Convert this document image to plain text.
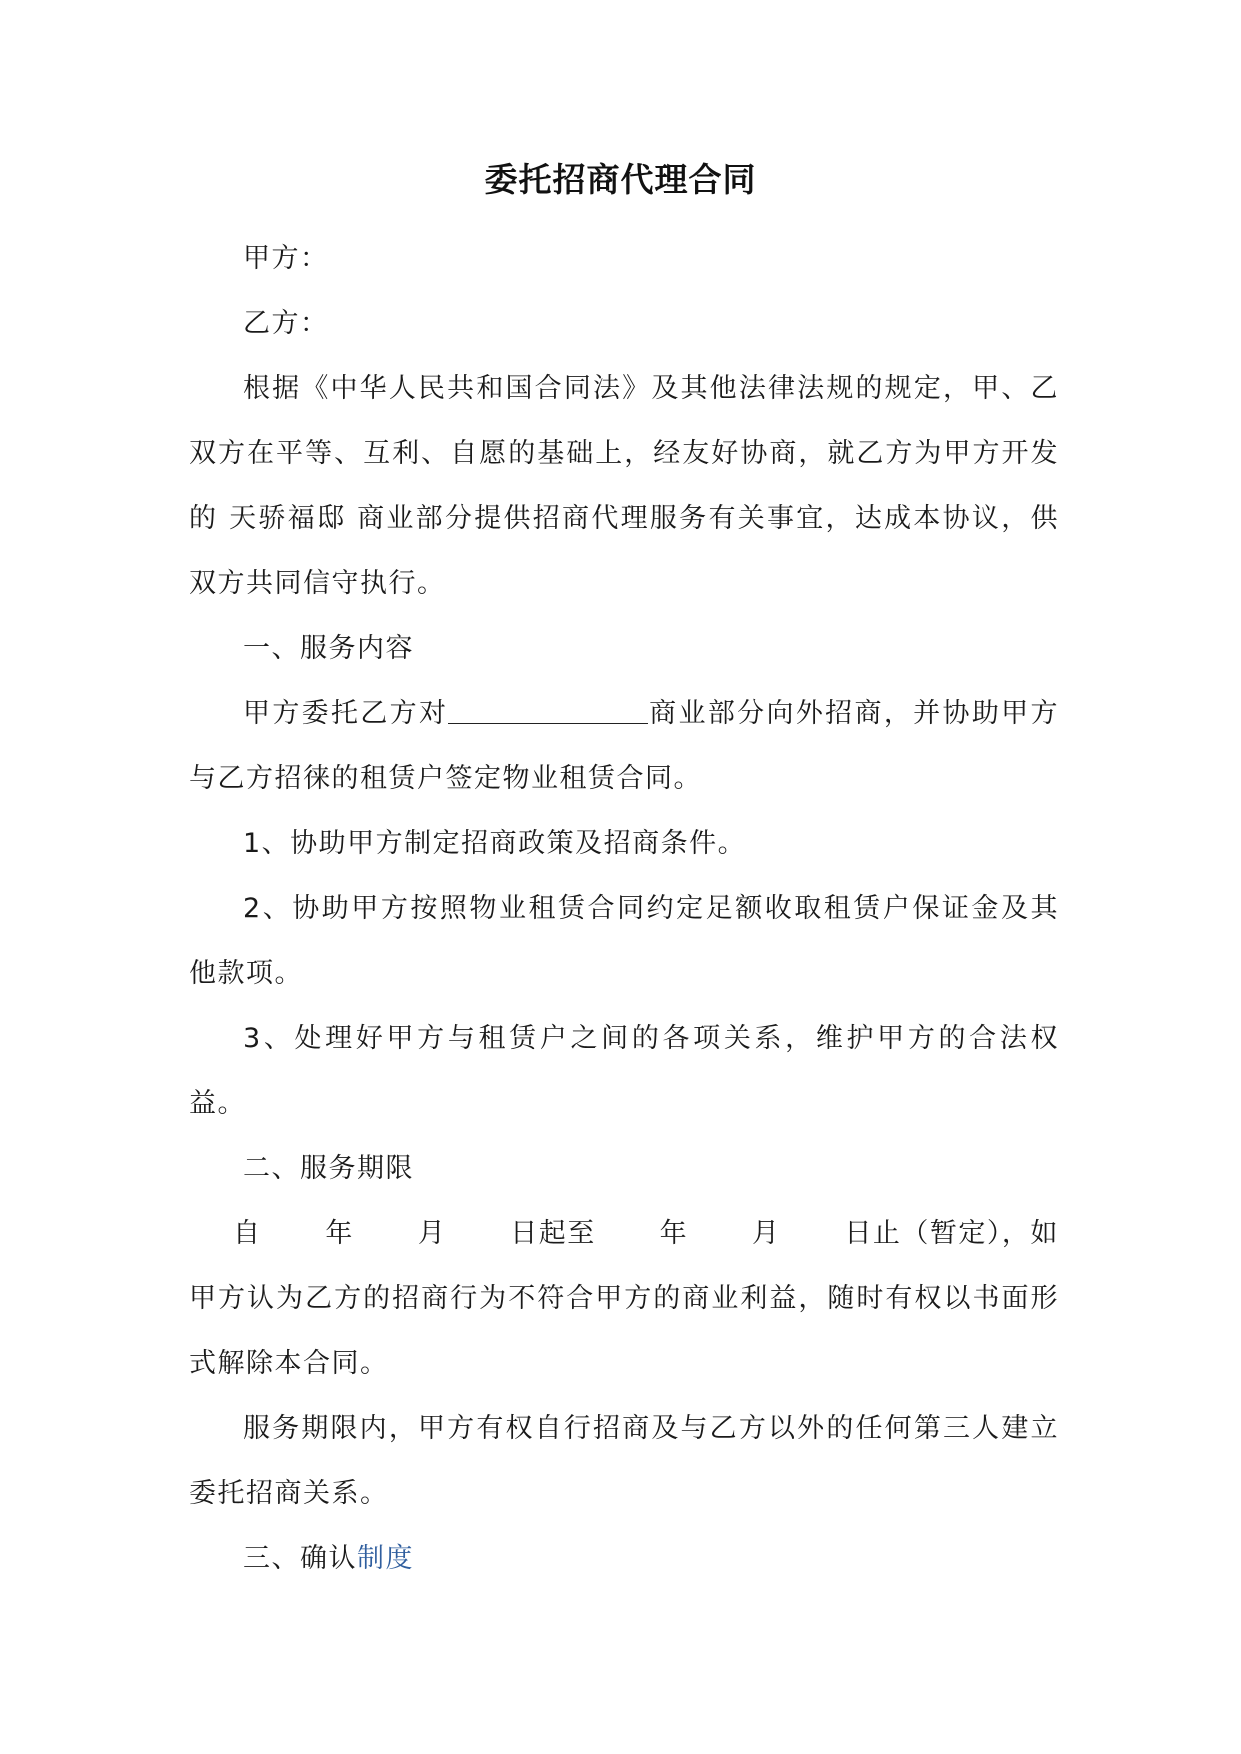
委托招商代理合同

甲方：

乙方：

根据《中华人民共和国合同法》及其他法律法规的规定，甲、乙双方在平等、互利、自愿的基础上，经友好协商，就乙方为甲方开发的 天骄福邸 商业部分提供招商代理服务有关事宜，达成本协议，供双方共同信守执行。

一、服务内容

甲方委托乙方对	商业部分向外招商，并协助甲方与乙方招徕的租赁户签定物业租赁合同。

1、协助甲方制定招商政策及招商条件。

2、协助甲方按照物业租赁合同约定足额收取租赁户保证金及其他款项。

3、处理好甲方与租赁户之间的各项关系，维护甲方的合法权益。

二、服务期限

自 年 月 日起至 年 月 日止（暂定），如

甲方认为乙方的招商行为不符合甲方的商业利益，随时有权以书面形式解除本合同。

服务期限内，甲方有权自行招商及与乙方以外的任何第三人建立委托招商关系。

三、确认制度
